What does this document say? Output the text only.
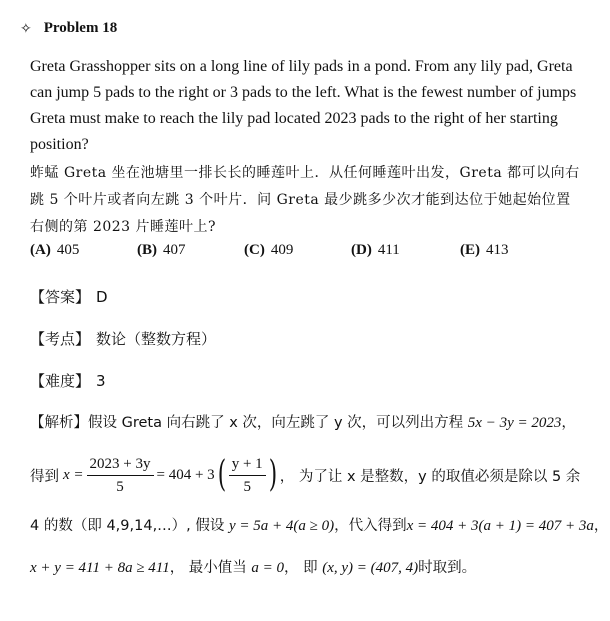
✧ Problem 18
Greta Grasshopper sits on a long line of lily pads in a pond. From any lily pad, Greta can jump 5 pads to the right or 3 pads to the left. What is the fewest number of jumps Greta must make to reach the lily pad located 2023 pads to the right of her starting position?
蚱蜢 Greta 坐在池塘里一排长长的睡莲叶上．从任何睡莲叶出发，Greta 都可以向右跳 5 个叶片或者向左跳 3 个叶片．问 Greta 最少跳多少次才能到达位于她起始位置右侧的第 2023 片睡莲叶上?
(A) 405	(B) 407	(C) 409	(D) 411	(E) 413
【答案】 D
【考点】 数论（整数方程）
【难度】 3
【解析】假设 Greta 向右跳了 x 次，向左跳了 y 次，可以列出方程 5x − 3y = 2023，
得到 $x = \frac{2023 + 3y}{5} = 404 + 3$ ( $\frac{y + 1}{5}$ ) ， 为了让 x 是整数，y 的取值必须是除以 5 余
4 的数（即 4,9,14,…）, 假设 y = 5a + 4(a ≥ 0)，代入得到x = 404 + 3(a + 1) = 407 + 3a，
x + y = 411 + 8a ≥ 411， 最小值当 a = 0， 即 (x, y) = (407, 4)时取到。
